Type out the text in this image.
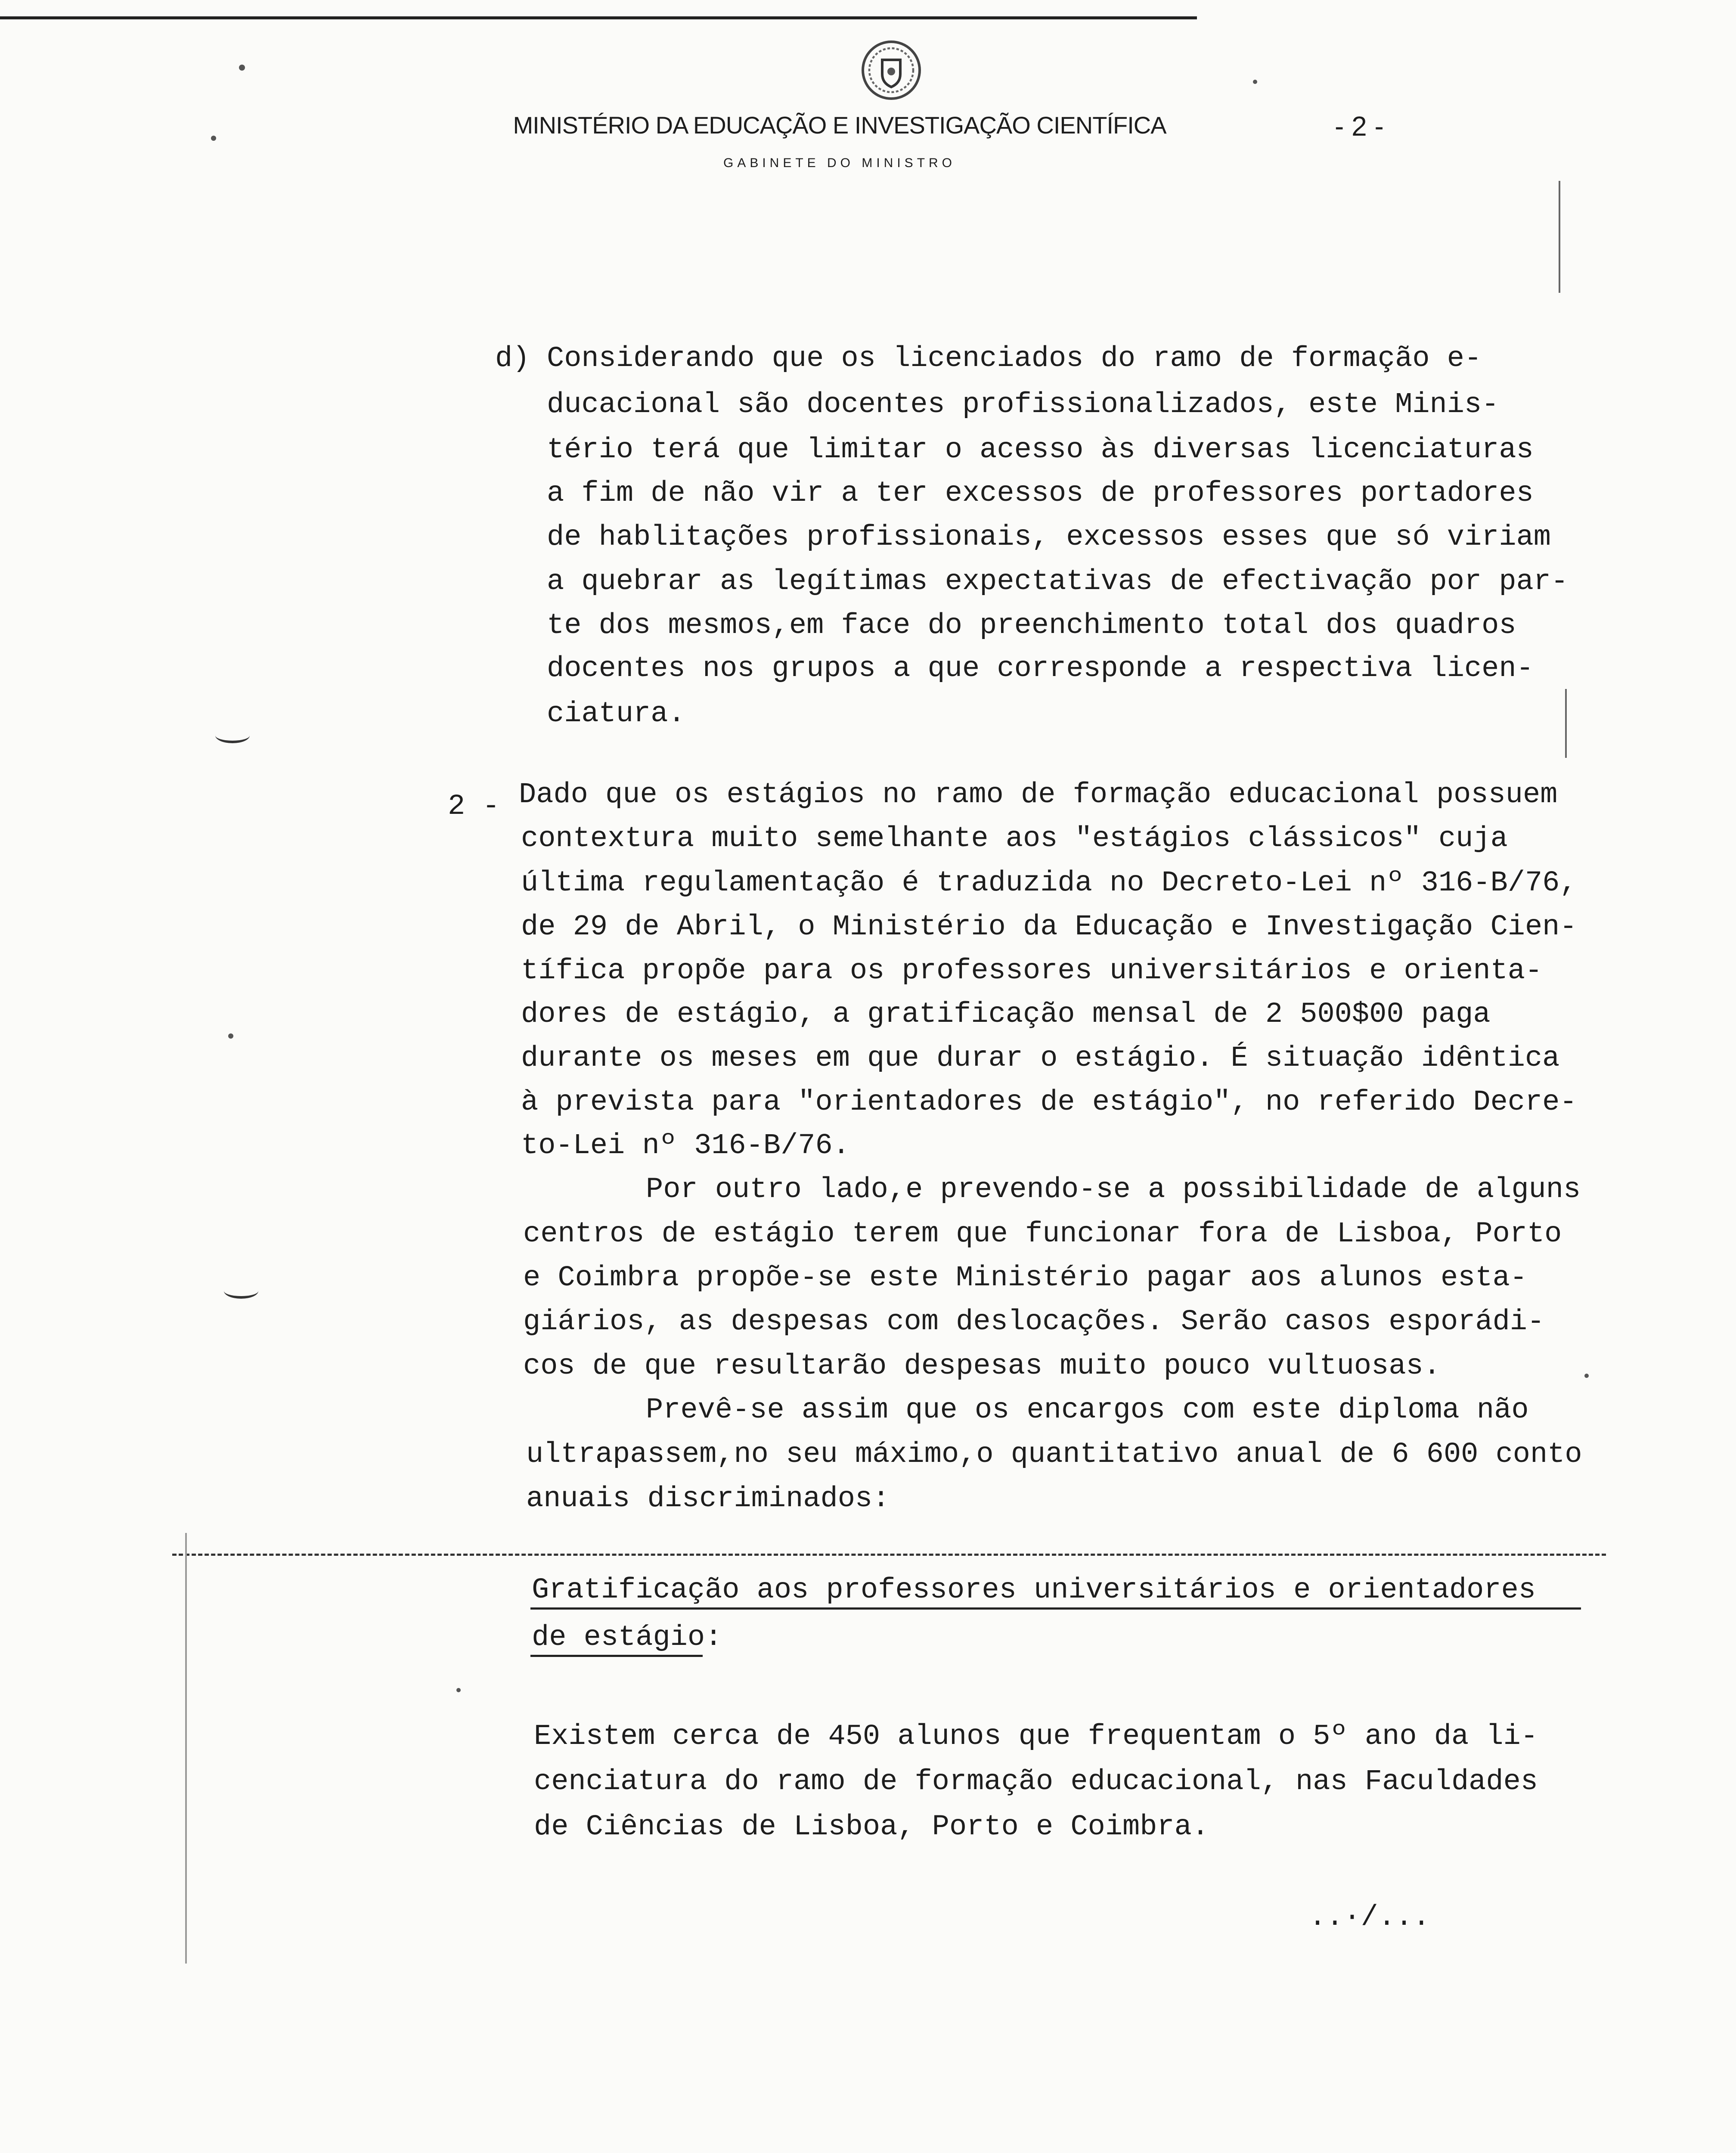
MINISTÉRIO DA EDUCAÇÃO E INVESTIGAÇÃO CIENTÍFICA
GABINETE DO MINISTRO
- 2 -
d) Considerando que os licenciados do ramo de formação e-
ducacional são docentes profissionalizados, este Minis-
tério terá que limitar o acesso às diversas licenciaturas
a fim de não vir a ter excessos de professores portadores
de hablitações profissionais, excessos esses que só viriam
a quebrar as legítimas expectativas de efectivação por par-
te dos mesmos,em face do preenchimento total dos quadros
docentes nos grupos a que corresponde a respectiva licen-
ciatura.
2 - Dado que os estágios no ramo de formação educacional possuem
contextura muito semelhante aos "estágios clássicos" cuja
última regulamentação é traduzida no Decreto-Lei nº 316-B/76,
de 29 de Abril, o Ministério da Educação e Investigação Cien-
tífica propõe para os professores universitários e orienta-
dores de estágio, a gratificação mensal de 2 500$00 paga
durante os meses em que durar o estágio. É situação idêntica
à prevista para "orientadores de estágio", no referido Decre-
to-Lei nº 316-B/76.
Por outro lado,e prevendo-se a possibilidade de alguns
centros de estágio terem que funcionar fora de Lisboa, Porto
e Coimbra propõe-se este Ministério pagar aos alunos esta-
giários, as despesas com deslocações. Serão casos esporádi-
cos de que resultarão despesas muito pouco vultuosas.
Prevê-se assim que os encargos com este diploma não
ultrapassem,no seu máximo,o quantitativo anual de 6 600 conto
anuais discriminados:
Gratificação aos professores universitários e orientadores
de estágio:
Existem cerca de 450 alunos que frequentam o 5º ano da li-
cenciatura do ramo de formação educacional, nas Faculdades
de Ciências de Lisboa, Porto e Coimbra.
..·/...
